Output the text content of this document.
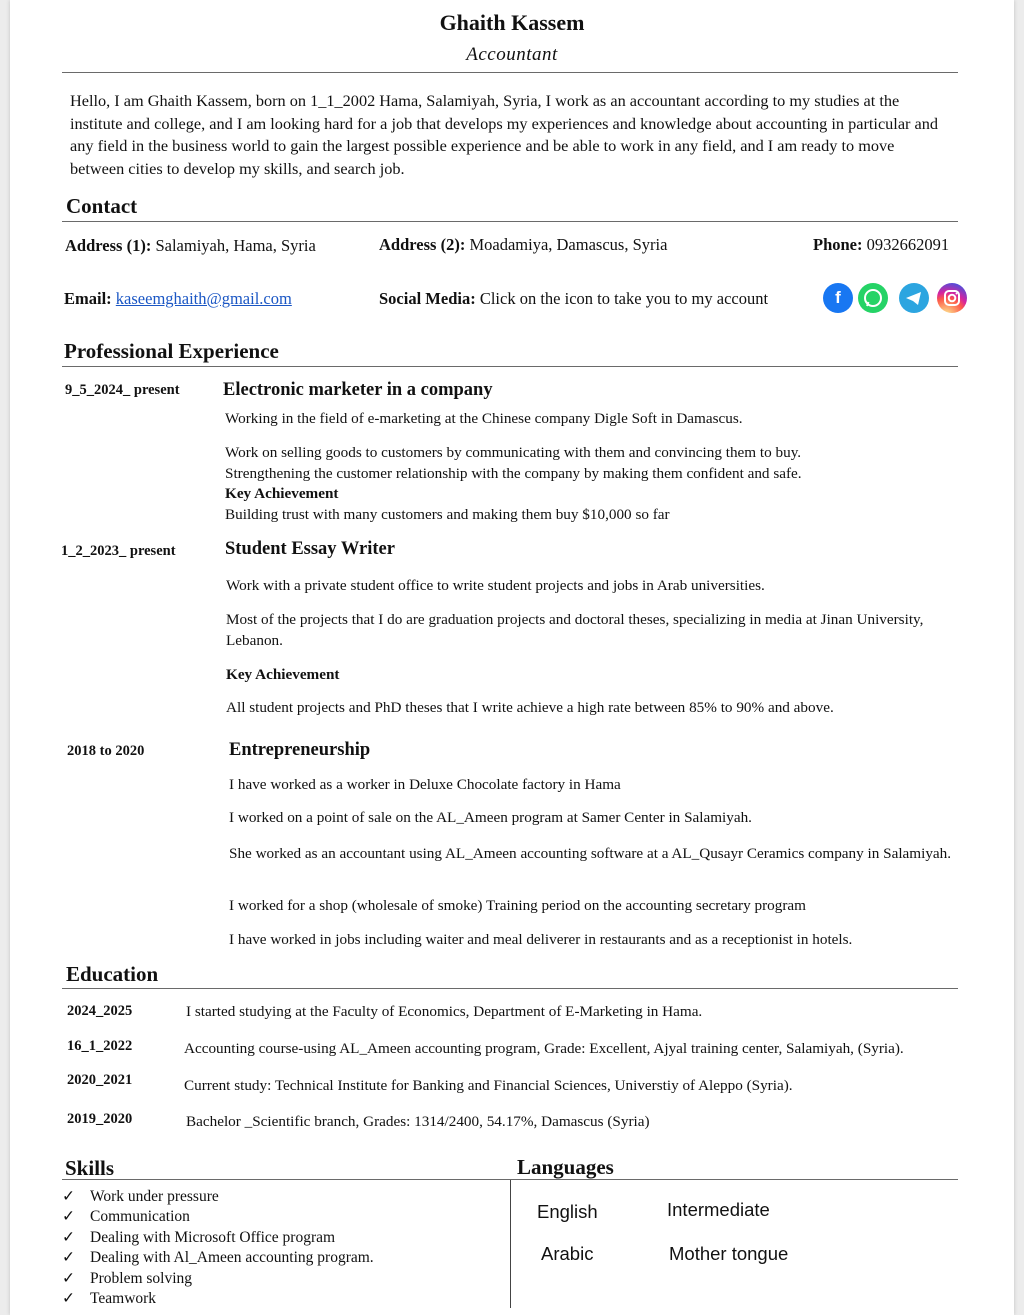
Ghaith Kassem
Accountant
Hello, I am Ghaith Kassem, born on 1_1_2002 Hama, Salamiyah, Syria, I work as an accountant according to my studies at the institute and college, and I am looking hard for a job that develops my experiences and knowledge about accounting in particular and any field in the business world to gain the largest possible experience and be able to work in any field, and I am ready to move between cities to develop my skills, and search job.
Contact
Address (1): Salamiyah, Hama, Syria	Address (2): Moadamiya, Damascus, Syria	Phone: 0932662091
Email: kaseemghaith@gmail.com	Social Media: Click on the icon to take you to my account	f
Professional Experience
9_5_2024_ present Electronic marketer in a company
Working in the field of e-marketing at the Chinese company Digle Soft in Damascus.
Work on selling goods to customers by communicating with them and convincing them to buy.
Strengthening the customer relationship with the company by making them confident and safe.
Key Achievement
Building trust with many customers and making them buy $10,000 so far
1_2_2023_ present	Student Essay Writer
Work with a private student office to write student projects and jobs in Arab universities.
Most of the projects that I do are graduation projects and doctoral theses, specializing in media at Jinan University, Lebanon.
Key Achievement
All student projects and PhD theses that I write achieve a high rate between 85% to 90% and above.
2018 to 2020	Entrepreneurship
I have worked as a worker in Deluxe Chocolate factory in Hama
I worked on a point of sale on the AL_Ameen program at Samer Center in Salamiyah.
She worked as an accountant using AL_Ameen accounting software at a AL_Qusayr Ceramics company in Salamiyah.
I worked for a shop (wholesale of smoke) Training period on the accounting secretary program
I have worked in jobs including waiter and meal deliverer in restaurants and as a receptionist in hotels.
Education
2024_2025	I started studying at the Faculty of Economics, Department of E-Marketing in Hama.
16_1_2022	Accounting course-using AL_Ameen accounting program, Grade: Excellent, Ajyal training center, Salamiyah, (Syria).
2020_2021	Current study: Technical Institute for Banking and Financial Sciences, Universtiy of Aleppo (Syria).
2019_2020	Bachelor _Scientific branch, Grades: 1314/2400, 54.17%, Damascus (Syria)
Skills	Languages
✓ Work under pressure
✓ Communication
✓ Dealing with Microsoft Office program
✓ Dealing with Al_Ameen accounting program.
✓ Problem solving
✓ Teamwork
English	Intermediate
Arabic	Mother tongue
